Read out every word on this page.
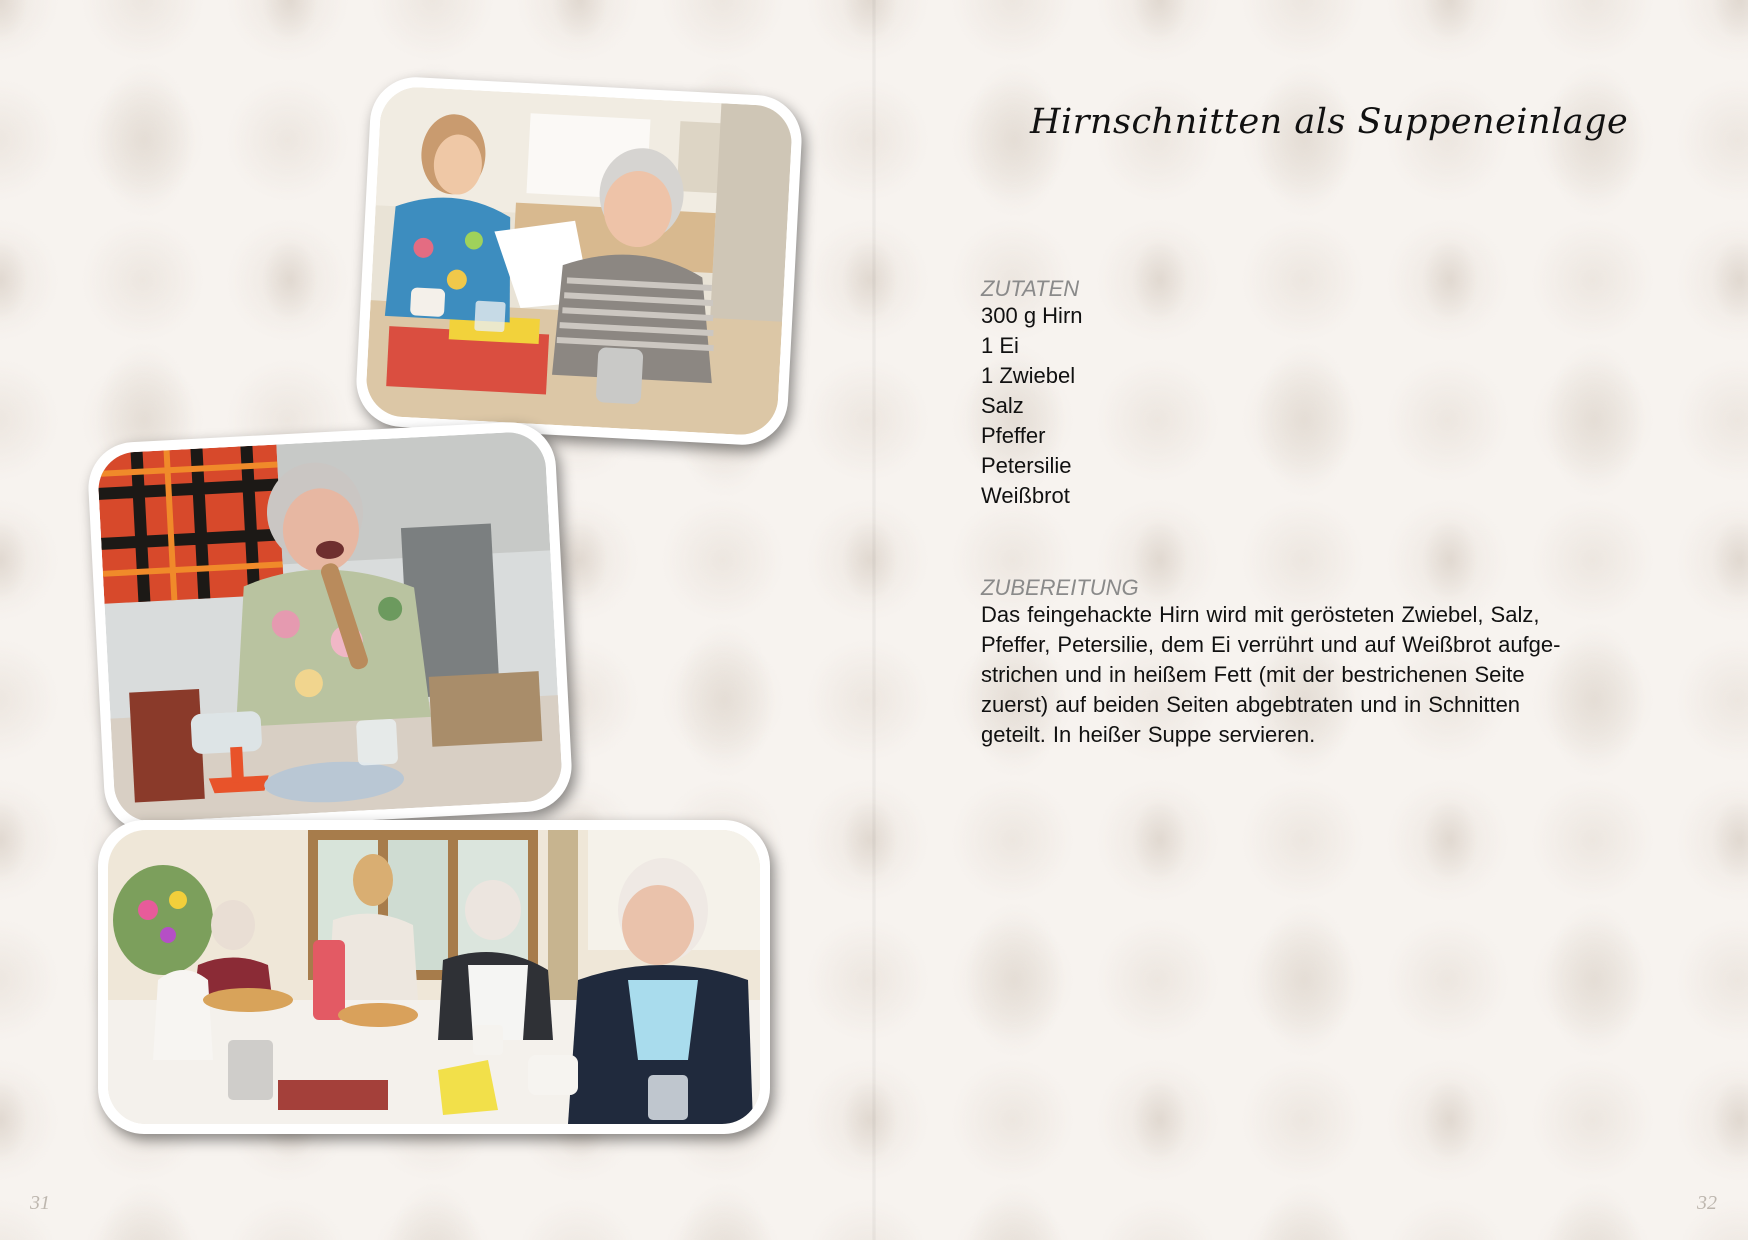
Hirnschnitten als Suppeneinlage
ZUTATEN
300 g Hirn
1 Ei
1 Zwiebel
Salz
Pfeffer
Petersilie
Weißbrot
ZUBEREITUNG

Das feingehackte Hirn wird mit gerösteten Zwiebel, Salz,
Pfeffer, Petersilie, dem Ei verrührt und auf Weißbrot aufge-
strichen und in heißem Fett (mit der bestrichenen Seite
zuerst) auf beiden Seiten abgebtraten und in Schnitten
geteilt. In heißer Suppe servieren.

31	32
